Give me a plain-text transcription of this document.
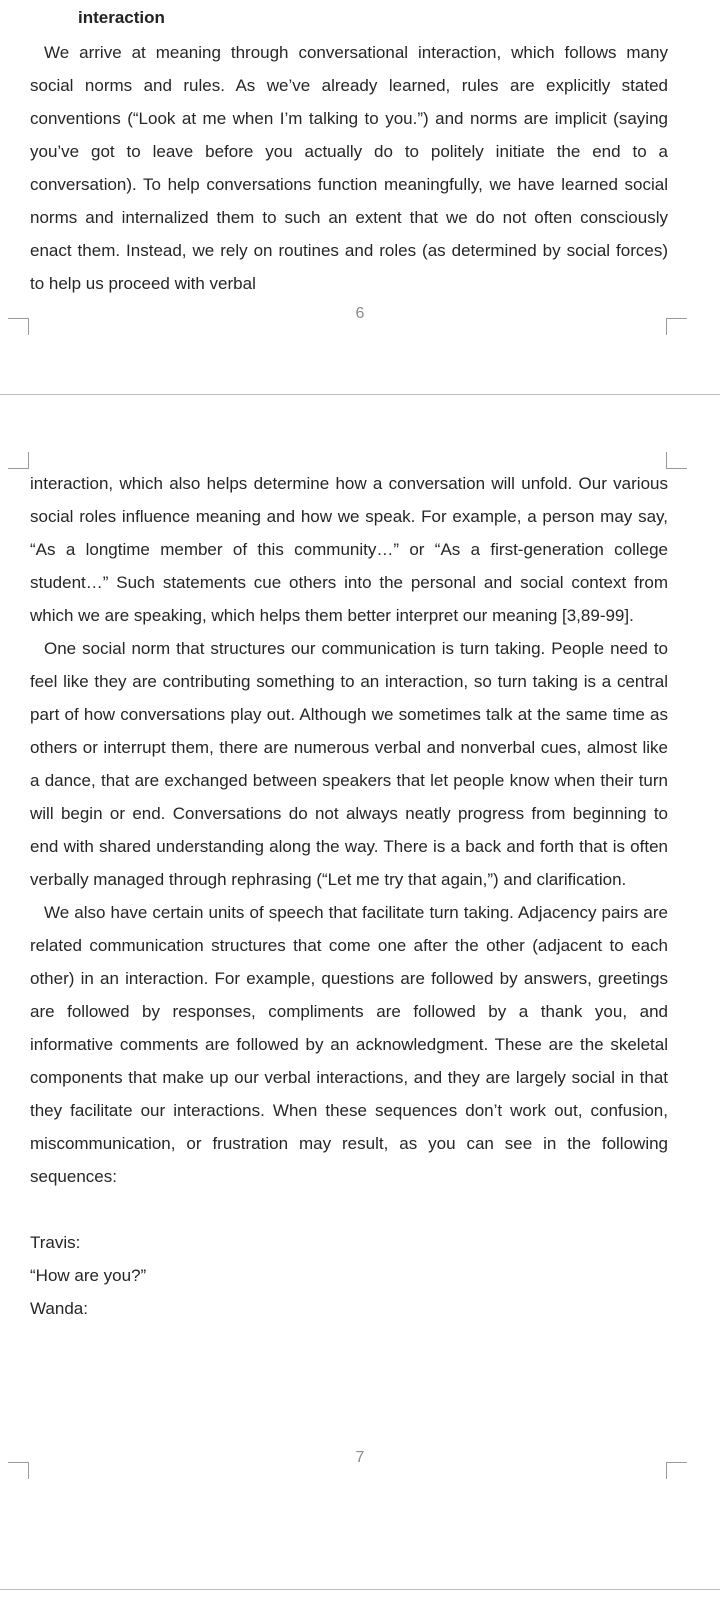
interaction

We arrive at meaning through conversational interaction, which follows many social norms and rules. As we’ve already learned, rules are explicitly stated conventions (“Look at me when I’m talking to you.”) and norms are implicit (saying you’ve got to leave before you actually do to politely initiate the end to a conversation). To help conversations function meaningfully, we have learned social norms and internalized them to such an extent that we do not often consciously enact them. Instead, we rely on routines and roles (as determined by social forces) to help us proceed with verbal

6

interaction, which also helps determine how a conversation will unfold. Our various social roles influence meaning and how we speak. For example, a person may say, “As a longtime member of this community…” or “As a first-generation college student…” Such statements cue others into the personal and social context from which we are speaking, which helps them better interpret our meaning [3,89-99].

One social norm that structures our communication is turn taking. People need to feel like they are contributing something to an interaction, so turn taking is a central part of how conversations play out. Although we sometimes talk at the same time as others or interrupt them, there are numerous verbal and nonverbal cues, almost like a dance, that are exchanged between speakers that let people know when their turn will begin or end. Conversations do not always neatly progress from beginning to end with shared understanding along the way. There is a back and forth that is often verbally managed through rephrasing (“Let me try that again,”) and clarification.

We also have certain units of speech that facilitate turn taking. Adjacency pairs are related communication structures that come one after the other (adjacent to each other) in an interaction. For example, questions are followed by answers, greetings are followed by responses, compliments are followed by a thank you, and informative comments are followed by an acknowledgment. These are the skeletal components that make up our verbal interactions, and they are largely social in that they facilitate our interactions. When these sequences don’t work out, confusion, miscommunication, or frustration may result, as you can see in the following sequences:

Travis:

“How are you?”

Wanda:

7
